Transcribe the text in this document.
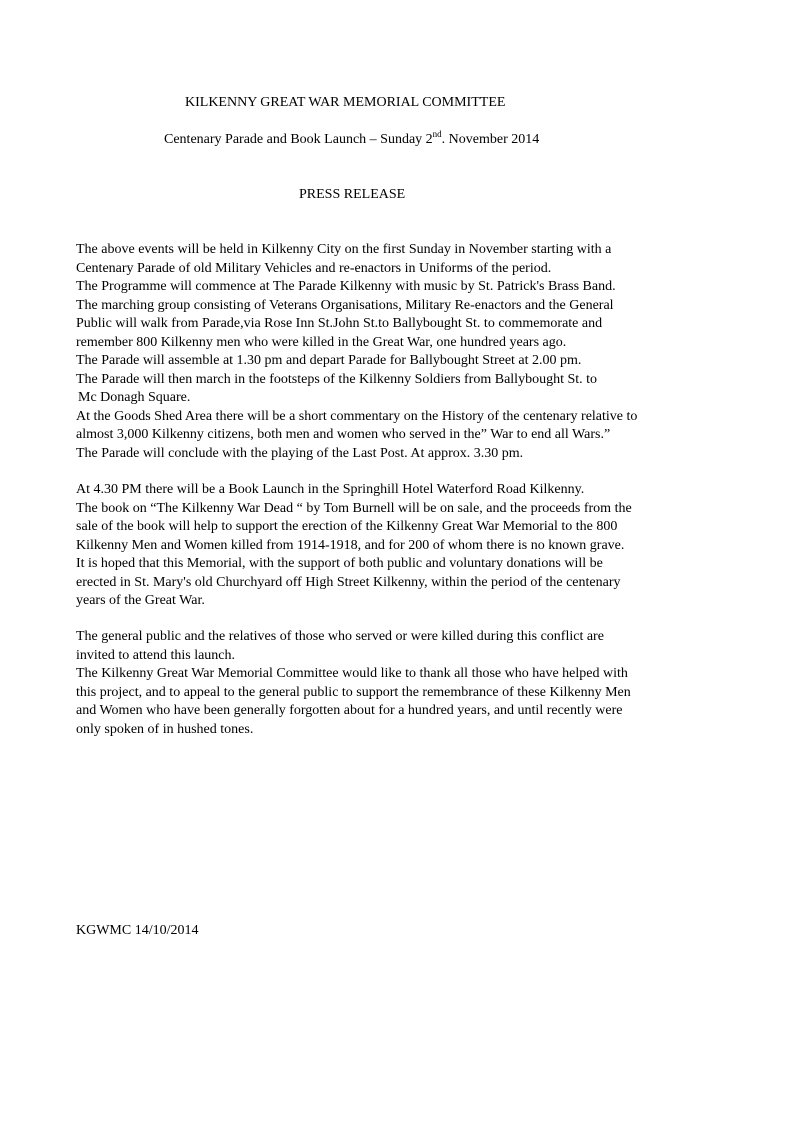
KILKENNY GREAT WAR MEMORIAL COMMITTEE

Centenary Parade and Book Launch – Sunday 2nd. November 2014

PRESS RELEASE

The above events will be held in Kilkenny City on the first Sunday in November starting with a
Centenary Parade of old Military Vehicles and re-enactors in Uniforms of the period.
The Programme will commence at The Parade Kilkenny with music by St. Patrick's Brass Band.
The marching group consisting of Veterans Organisations, Military Re-enactors and the General
Public will walk from Parade,via Rose Inn St.John St.to Ballybought St. to commemorate and
remember 800 Kilkenny men who were killed in the Great War, one hundred years ago.
The Parade will assemble at 1.30 pm and depart Parade for Ballybought Street at 2.00 pm.
The Parade will then march in the footsteps of the Kilkenny Soldiers from Ballybought St. to
Mc Donagh Square.
At the Goods Shed Area there will be a short commentary on the History of the centenary relative to
almost 3,000 Kilkenny citizens, both men and women who served in the” War to end all Wars.”
The Parade will conclude with the playing of the Last Post. At approx. 3.30 pm.
At 4.30 PM there will be a Book Launch in the Springhill Hotel Waterford Road Kilkenny.
The book on “The Kilkenny War Dead “ by Tom Burnell will be on sale, and the proceeds from the
sale of the book will help to support the erection of the Kilkenny Great War Memorial to the 800
Kilkenny Men and Women killed from 1914-1918, and for 200 of whom there is no known grave.
It is hoped that this Memorial, with the support of both public and voluntary donations will be
erected in St. Mary's old Churchyard off High Street Kilkenny, within the period of the centenary
years of the Great War.
The general public and the relatives of those who served or were killed during this conflict are
invited to attend this launch.
The Kilkenny Great War Memorial Committee would like to thank all those who have helped with
this project, and to appeal to the general public to support the remembrance of these Kilkenny Men
and Women who have been generally forgotten about for a hundred years, and until recently were
only spoken of in hushed tones.

KGWMC 14/10/2014
